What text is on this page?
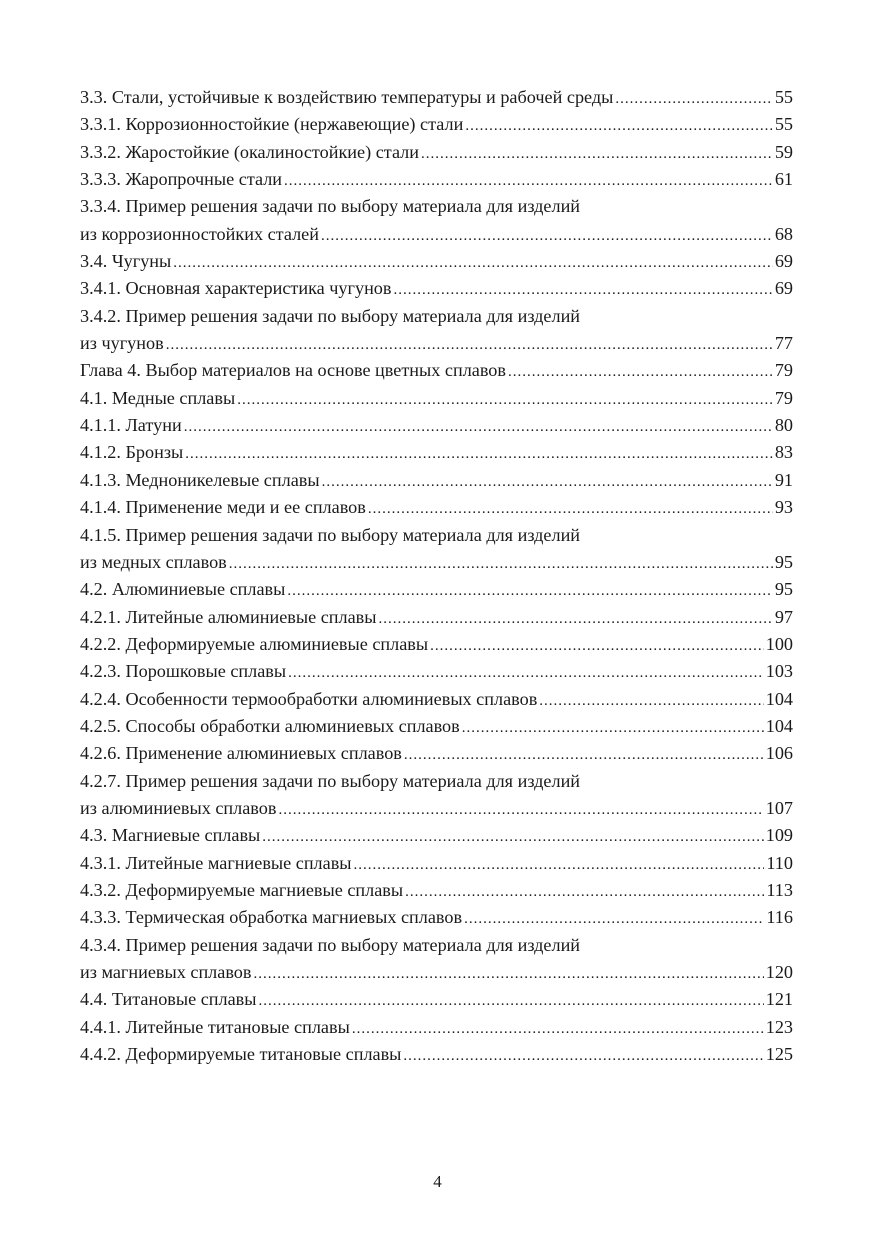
3.3. Стали, устойчивые к воздействию температуры и рабочей среды .....	55
3.3.1. Коррозионностойкие (нержавеющие) стали .....	55
3.3.2. Жаростойкие (окалиностойкие) стали .....	59
3.3.3. Жаропрочные стали .....	61
3.3.4. Пример решения задачи по выбору материала для изделий
из коррозионностойких сталей .....	68
3.4. Чугуны .....	69
3.4.1. Основная характеристика чугунов .....	69
3.4.2. Пример решения задачи по выбору материала для изделий
из чугунов .....	77
Глава 4. Выбор материалов на основе цветных сплавов .....	79
4.1. Медные сплавы .....	79
4.1.1. Латуни .....	80
4.1.2. Бронзы .....	83
4.1.3. Медноникелевые сплавы .....	91
4.1.4. Применение меди и ее сплавов .....	93
4.1.5. Пример решения задачи по выбору материала для изделий
из медных сплавов .....	95
4.2. Алюминиевые сплавы .....	95
4.2.1. Литейные алюминиевые сплавы .....	97
4.2.2. Деформируемые алюминиевые сплавы .....	100
4.2.3. Порошковые сплавы .....	103
4.2.4. Особенности термообработки алюминиевых сплавов .....	104
4.2.5. Способы обработки алюминиевых сплавов .....	104
4.2.6. Применение алюминиевых сплавов .....	106
4.2.7. Пример решения задачи по выбору материала для изделий
из алюминиевых сплавов .....	107
4.3. Магниевые сплавы .....	109
4.3.1. Литейные магниевые сплавы .....	110
4.3.2. Деформируемые магниевые сплавы .....	113
4.3.3. Термическая обработка магниевых сплавов .....	116
4.3.4. Пример решения задачи по выбору материала для изделий
из магниевых сплавов .....	120
4.4. Титановые сплавы .....	121
4.4.1. Литейные титановые сплавы .....	123
4.4.2. Деформируемые титановые сплавы .....	125
4
